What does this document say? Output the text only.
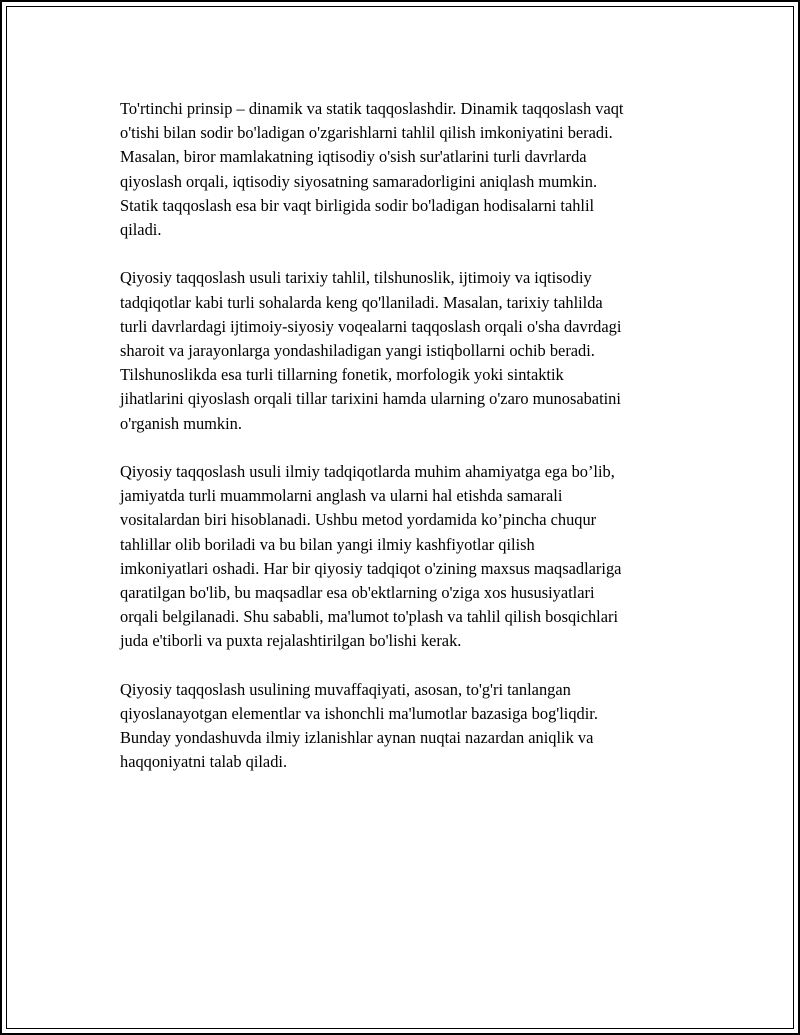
To'rtinchi prinsip – dinamik va statik taqqoslashdir. Dinamik taqqoslash vaqt
o'tishi bilan sodir bo'ladigan o'zgarishlarni tahlil qilish imkoniyatini beradi.
Masalan, biror mamlakatning iqtisodiy o'sish sur'atlarini turli davrlarda
qiyoslash orqali, iqtisodiy siyosatning samaradorligini aniqlash mumkin.
Statik taqqoslash esa bir vaqt birligida sodir bo'ladigan hodisalarni tahlil
qiladi.

Qiyosiy taqqoslash usuli tarixiy tahlil, tilshunoslik, ijtimoiy va iqtisodiy
tadqiqotlar kabi turli sohalarda keng qo'llaniladi. Masalan, tarixiy tahlilda
turli davrlardagi ijtimoiy-siyosiy voqealarni taqqoslash orqali o'sha davrdagi
sharoit va jarayonlarga yondashiladigan yangi istiqbollarni ochib beradi.
Tilshunoslikda esa turli tillarning fonetik, morfologik yoki sintaktik
jihatlarini qiyoslash orqali tillar tarixini hamda ularning o'zaro munosabatini
o'rganish mumkin.

Qiyosiy taqqoslash usuli ilmiy tadqiqotlarda muhim ahamiyatga ega bo’lib,
jamiyatda turli muammolarni anglash va ularni hal etishda samarali
vositalardan biri hisoblanadi. Ushbu metod yordamida ko’pincha chuqur
tahlillar olib boriladi va bu bilan yangi ilmiy kashfiyotlar qilish
imkoniyatlari oshadi. Har bir qiyosiy tadqiqot o'zining maxsus maqsadlariga
qaratilgan bo'lib, bu maqsadlar esa ob'ektlarning o'ziga xos hususiyatlari
orqali belgilanadi. Shu sababli, ma'lumot to'plash va tahlil qilish bosqichlari
juda e'tiborli va puxta rejalashtirilgan bo'lishi kerak.

Qiyosiy taqqoslash usulining muvaffaqiyati, asosan, to'g'ri tanlangan
qiyoslanayotgan elementlar va ishonchli ma'lumotlar bazasiga bog'liqdir.
Bunday yondashuvda ilmiy izlanishlar aynan nuqtai nazardan aniqlik va
haqqoniyatni talab qiladi.
